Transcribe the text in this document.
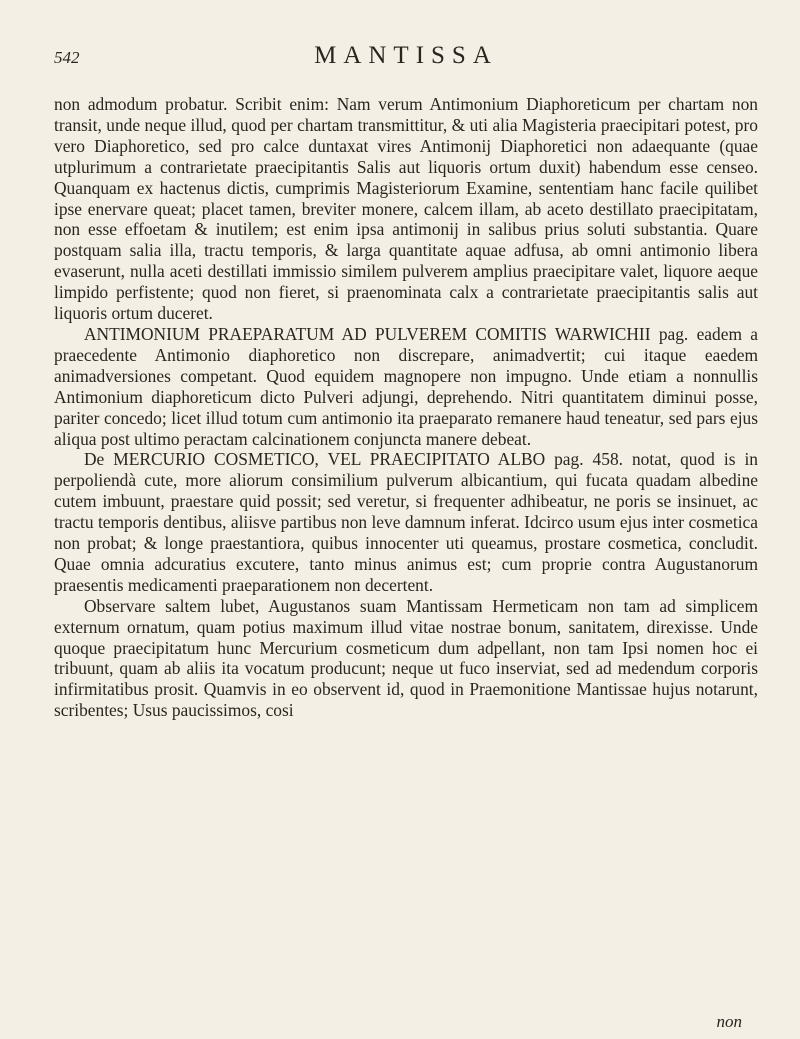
542	MANTISSA

non admodum probatur. Scribit enim: Nam verum Antimonium Diaphoreticum per chartam non transit, unde neque illud, quod per chartam transmittitur, & uti alia Magisteria praecipitari potest, pro vero Diaphoretico, sed pro calce duntaxat vires Antimonij Diaphoretici non adaequante (quae utplurimum a contrarietate praecipitantis Salis aut liquoris ortum duxit) habendum esse censeo. Quanquam ex hactenus dictis, cumprimis Magisteriorum Examine, sententiam hanc facile quilibet ipse enervare queat; placet tamen, breviter monere, calcem illam, ab aceto destillato praecipitatam, non esse effoetam & inutilem; est enim ipsa antimonij in salibus prius soluti substantia. Quare postquam salia illa, tractu temporis, & larga quantitate aquae adfusa, ab omni antimonio libera evaserunt, nulla aceti destillati immissio similem pulverem amplius praecipitare valet, liquore aeque limpido perfistente; quod non fieret, si praenominata calx a contrarietate praecipitantis salis aut liquoris ortum duceret.

ANTIMONIUM PRAEPARATUM AD PULVEREM COMITIS WARWICHII pag. eadem a praecedente Antimonio diaphoretico non discrepare, animadvertit; cui itaque eaedem animadversiones competant. Quod equidem magnopere non impugno. Unde etiam a nonnullis Antimonium diaphoreticum dicto Pulveri adjungi, deprehendo. Nitri quantitatem diminui posse, pariter concedo; licet illud totum cum antimonio ita praeparato remanere haud teneatur, sed pars ejus aliqua post ultimo peractam calcinationem conjuncta manere debeat.

De MERCURIO COSMETICO, VEL PRAECIPITATO ALBO pag. 458. notat, quod is in perpoliendà cute, more aliorum consimilium pulverum albicantium, qui fucata quadam albedine cutem imbuunt, praestare quid possit; sed veretur, si frequenter adhibeatur, ne poris se insinuet, ac tractu temporis dentibus, aliisve partibus non leve damnum inferat. Idcirco usum ejus inter cosmetica non probat; & longe praestantiora, quibus innocenter uti queamus, prostare cosmetica, concludit. Quae omnia adcuratius excutere, tanto minus animus est; cum proprie contra Augustanorum praesentis medicamenti praeparationem non decertent.

Observare saltem lubet, Augustanos suam Mantissam Hermeticam non tam ad simplicem externum ornatum, quam potius maximum illud vitae nostrae bonum, sanitatem, direxisse. Unde quoque praecipitatum hunc Mercurium cosmeticum dum adpellant, non tam Ipsi nomen hoc ei tribuunt, quam ab aliis ita vocatum producunt; neque ut fuco inserviat, sed ad medendum corporis infirmitatibus prosit. Quamvis in eo observent id, quod in Praemonitione Mantissae hujus notarunt, scribentes; Usus paucissimos, cosi

non
